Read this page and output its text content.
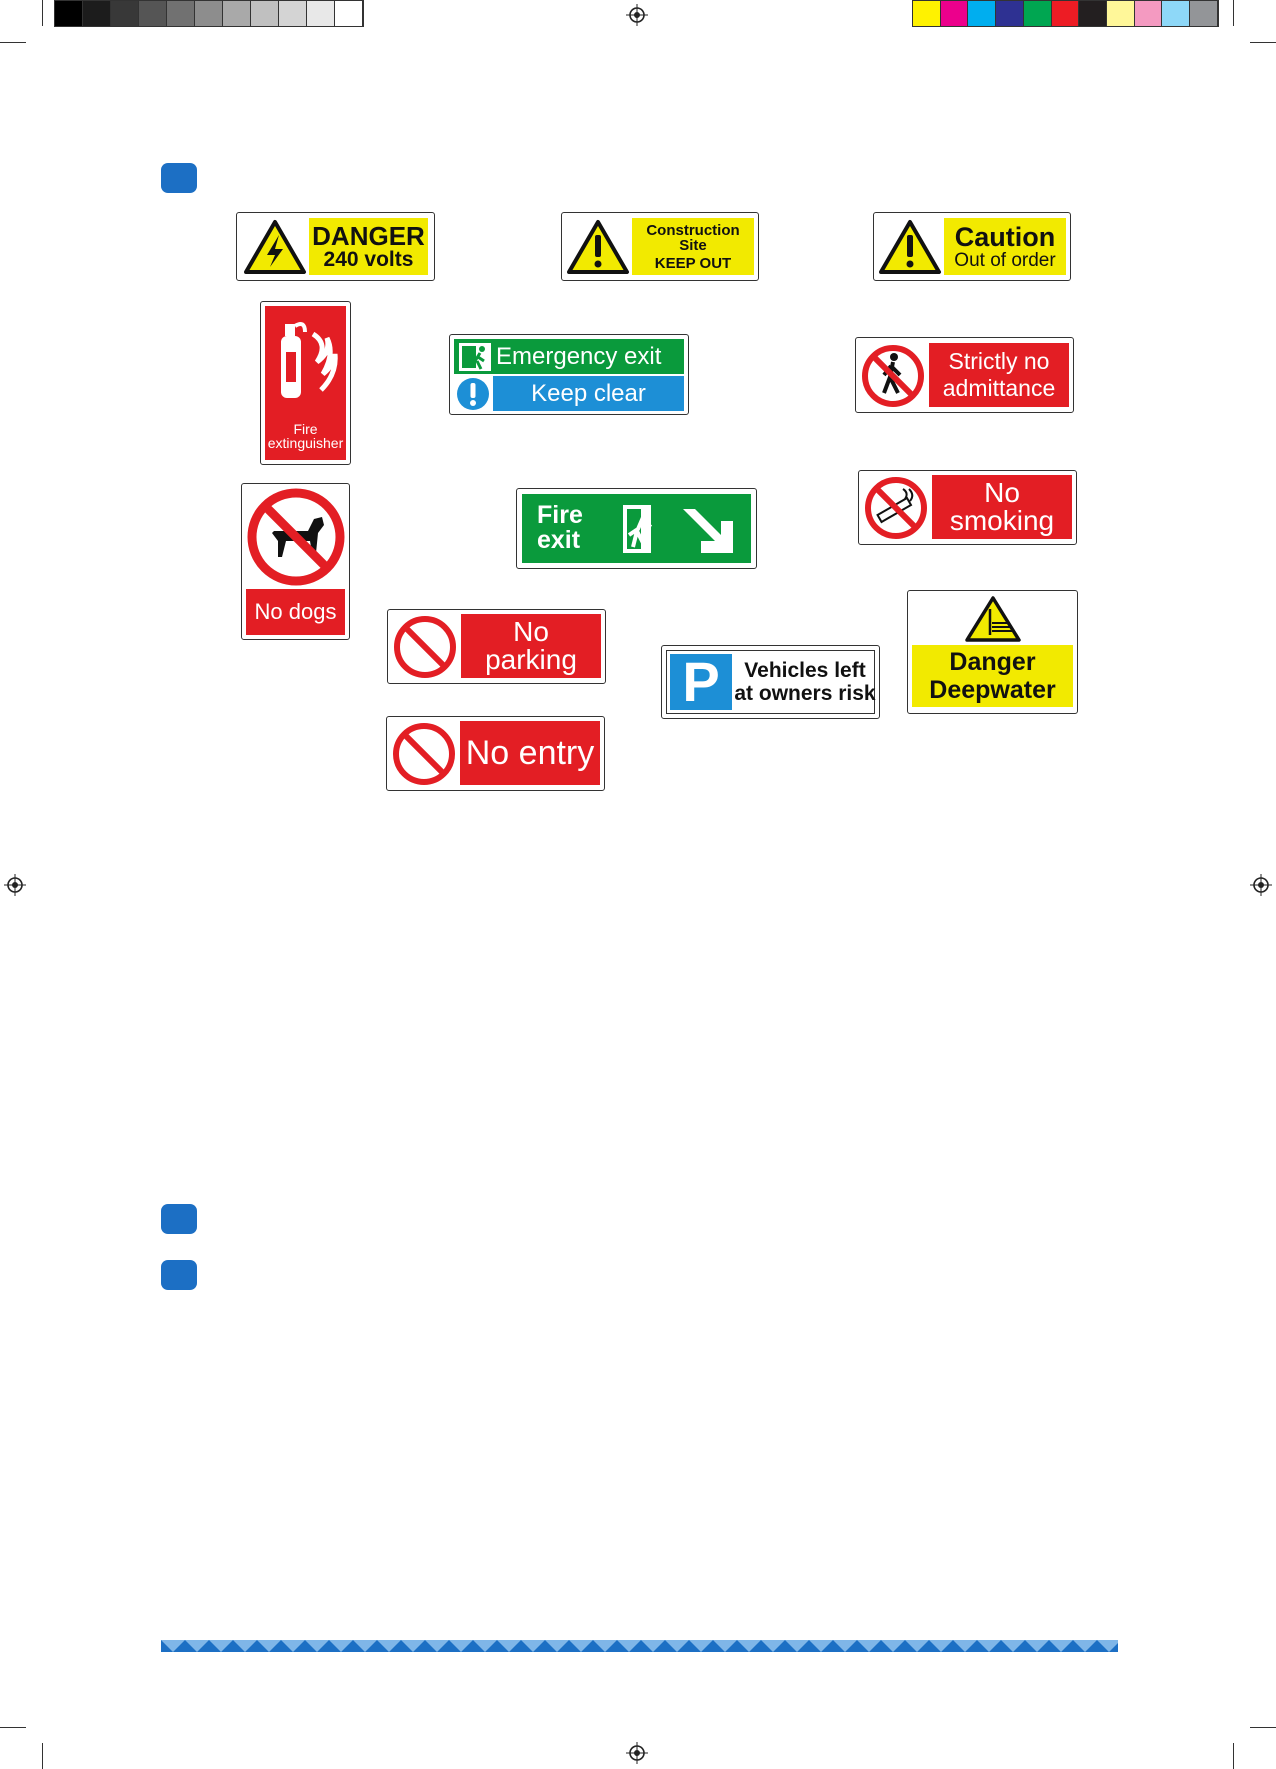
DANGER
240 volts
Construction
Site
KEEP OUT
Caution
Out of order
Fire
extinguisher
Emergency exit
Keep clear
Strictly no
admittance
No dogs
Fire
exit
No
smoking
No
parking P Vehicles left
at owners risk
Danger
Deepwater
No entry
